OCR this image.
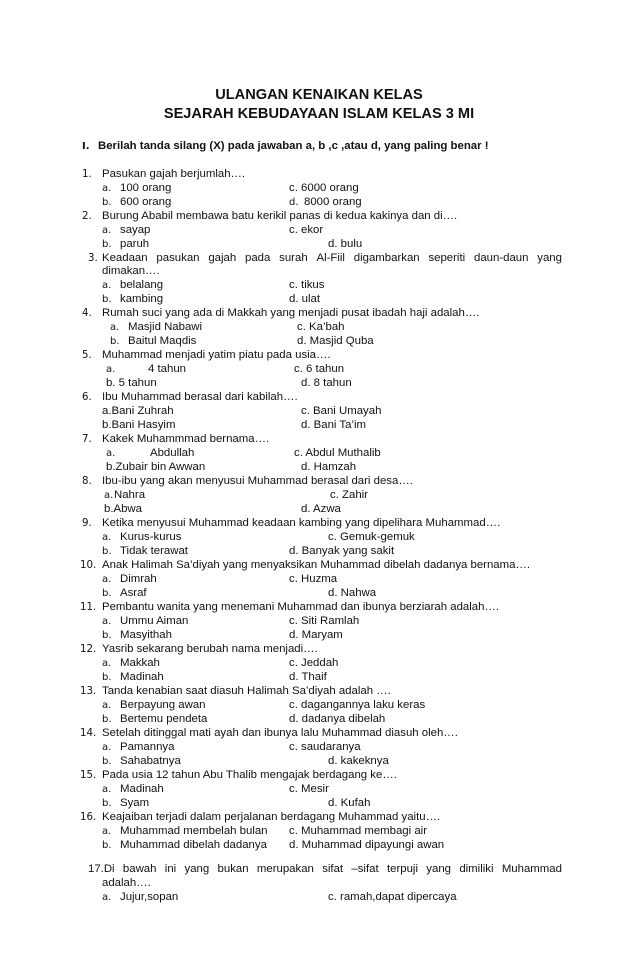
ULANGAN KENAIKAN KELAS
SEJARAH KEBUDAYAAN ISLAM KELAS 3 MI
I. Berilah tanda silang (X) pada jawaban a, b ,c ,atau d, yang paling benar !
1. Pasukan gajah berjumlah….
a. 100 orang	c. 6000 orang
b. 600 orang	d. 8000 orang
2. Burung Ababil membawa batu kerikil panas di kedua kakinya dan di….
a. sayap	c. ekor
b. paruh	d. bulu
3. Keadaan pasukan gajah pada surah Al-Fiil digambarkan seperiti daun-daun yang
dimakan….
a. belalang	c. tikus
b. kambing	d. ulat
4. Rumah suci yang ada di Makkah yang menjadi pusat ibadah haji adalah….
a. Masjid Nabawi	c. Ka’bah
b. Baitul Maqdis	d. Masjid Quba
5. Muhammad menjadi yatim piatu pada usia….
a.	4 tahun	c. 6 tahun
b. 5 tahun	d. 8 tahun
6. Ibu Muhammad berasal dari kabilah….
a.Bani Zuhrah	c. Bani Umayah
b.Bani Hasyim	d. Bani Ta’im
7. Kakek Muhammmad bernama….
a.	Abdullah	c. Abdul Muthalib
b.Zubair bin Awwan	d. Hamzah
8. Ibu-ibu yang akan menyusui Muhammad berasal dari desa….
a. Nahra	c. Zahir
b.Abwa	d. Azwa
9. Ketika menyusui Muhammad keadaan kambing yang dipelihara Muhammad….
a. Kurus-kurus	c. Gemuk-gemuk
b. Tidak terawat	d. Banyak yang sakit
10. Anak Halimah Sa’diyah yang menyaksikan Muhammad dibelah dadanya bernama….
a. Dimrah	c. Huzma
b. Asraf	d. Nahwa
11. Pembantu wanita yang menemani Muhammad dan ibunya berziarah adalah….
a. Ummu Aiman	c. Siti Ramlah
b. Masyithah	d. Maryam
12. Yasrib sekarang berubah nama menjadi….
a. Makkah	c. Jeddah
b. Madinah	d. Thaif
13. Tanda kenabian saat diasuh Halimah Sa’diyah adalah ….
a. Berpayung awan	c. dagangannya laku keras
b. Bertemu pendeta	d. dadanya dibelah
14. Setelah ditinggal mati ayah dan ibunya lalu Muhammad diasuh oleh….
a. Pamannya	c. saudaranya
b. Sahabatnya	d. kakeknya
15. Pada usia 12 tahun Abu Thalib mengajak berdagang ke….
a. Madinah	c. Mesir
b. Syam	d. Kufah
16. Keajaiban terjadi dalam perjalanan berdagang Muhammad yaitu….
a. Muhammad membelah bulan c. Muhammad membagi air
b. Muhammad dibelah dadanya d. Muhammad dipayungi awan
17.Di bawah ini yang bukan merupakan sifat –sifat terpuji yang dimiliki Muhammad
adalah….
a. Jujur,sopan	c. ramah,dapat dipercaya
